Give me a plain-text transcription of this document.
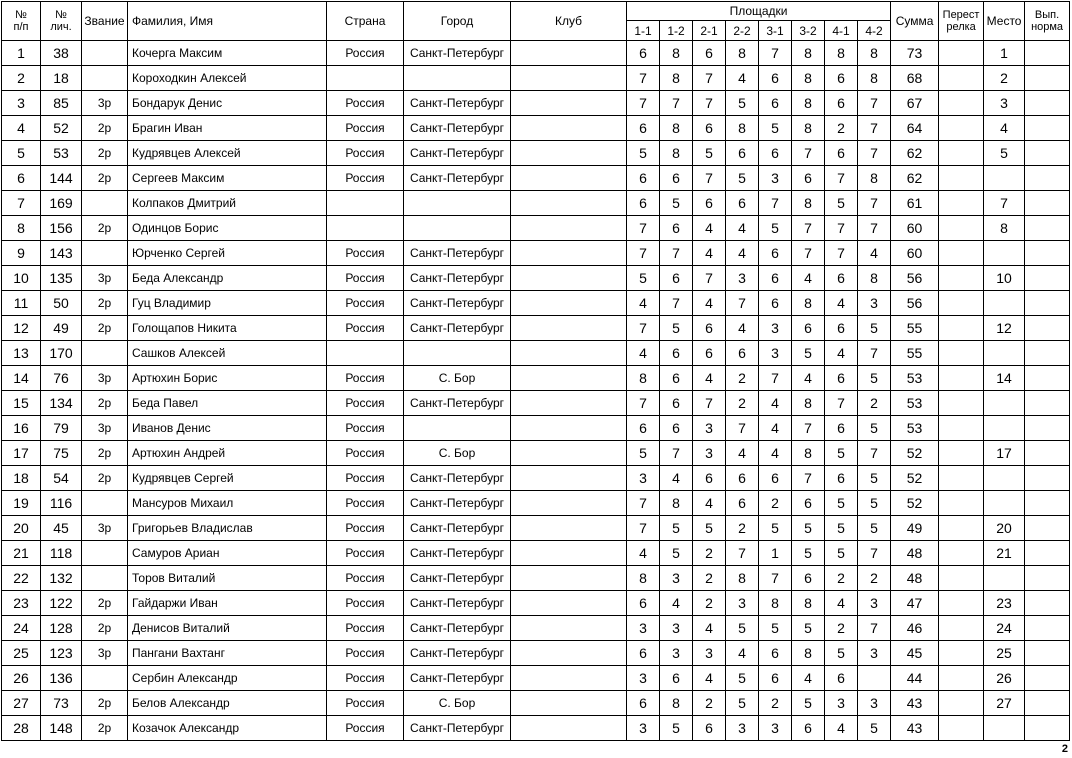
№
п/п	№
лич.	Звание	Фамилия, Имя	Страна	Город	Клуб	Площадки								Сумма	Перест
релка	Место	Вып.
норма
							1-1	1-2	2-1	2-2	3-1	3-2	4-1	4-2				
1	38		Кочерга Максим	Россия	Санкт-Петербург		6	8	6	8	7	8	8	8	73		1	
2	18		Короходкин Алексей				7	8	7	4	6	8	6	8	68		2	
3	85	3р	Бондарук Денис	Россия	Санкт-Петербург		7	7	7	5	6	8	6	7	67		3	
4	52	2р	Брагин Иван	Россия	Санкт-Петербург		6	8	6	8	5	8	2	7	64		4	
5	53	2р	Кудрявцев Алексей	Россия	Санкт-Петербург		5	8	5	6	6	7	6	7	62		5	
6	144	2р	Сергеев Максим	Россия	Санкт-Петербург		6	6	7	5	3	6	7	8	62			
7	169		Колпаков Дмитрий				6	5	6	6	7	8	5	7	61		7	
8	156	2р	Одинцов Борис				7	6	4	4	5	7	7	7	60		8	
9	143		Юрченко Сергей	Россия	Санкт-Петербург		7	7	4	4	6	7	7	4	60			
10	135	3р	Беда Александр	Россия	Санкт-Петербург		5	6	7	3	6	4	6	8	56		10	
11	50	2р	Гуц Владимир	Россия	Санкт-Петербург		4	7	4	7	6	8	4	3	56			
12	49	2р	Голощапов Никита	Россия	Санкт-Петербург		7	5	6	4	3	6	6	5	55		12	
13	170		Сашков Алексей				4	6	6	6	3	5	4	7	55			
14	76	3р	Артюхин Борис	Россия	С. Бор		8	6	4	2	7	4	6	5	53		14	
15	134	2р	Беда Павел	Россия	Санкт-Петербург		7	6	7	2	4	8	7	2	53			
16	79	3р	Иванов Денис	Россия			6	6	3	7	4	7	6	5	53			
17	75	2р	Артюхин Андрей	Россия	С. Бор		5	7	3	4	4	8	5	7	52		17	
18	54	2р	Кудрявцев Сергей	Россия	Санкт-Петербург		3	4	6	6	6	7	6	5	52			
19	116		Мансуров Михаил	Россия	Санкт-Петербург		7	8	4	6	2	6	5	5	52			
20	45	3р	Григорьев Владислав	Россия	Санкт-Петербург		7	5	5	2	5	5	5	5	49		20	
21	118		Самуров Ариан	Россия	Санкт-Петербург		4	5	2	7	1	5	5	7	48		21	
22	132		Торов Виталий	Россия	Санкт-Петербург		8	3	2	8	7	6	2	2	48			
23	122	2р	Гайдаржи Иван	Россия	Санкт-Петербург		6	4	2	3	8	8	4	3	47		23	
24	128	2р	Денисов Виталий	Россия	Санкт-Петербург		3	3	4	5	5	5	2	7	46		24	
25	123	3р	Пангани Вахтанг	Россия	Санкт-Петербург		6	3	3	4	6	8	5	3	45		25	
26	136		Сербин Александр	Россия	Санкт-Петербург		3	6	4	5	6	4	6		44		26	
27	73	2р	Белов Александр	Россия	С. Бор		6	8	2	5	2	5	3	3	43		27	
28	148	2р	Козачок Александр	Россия	Санкт-Петербург		3	5	6	3	3	6	4	5	43			
2
